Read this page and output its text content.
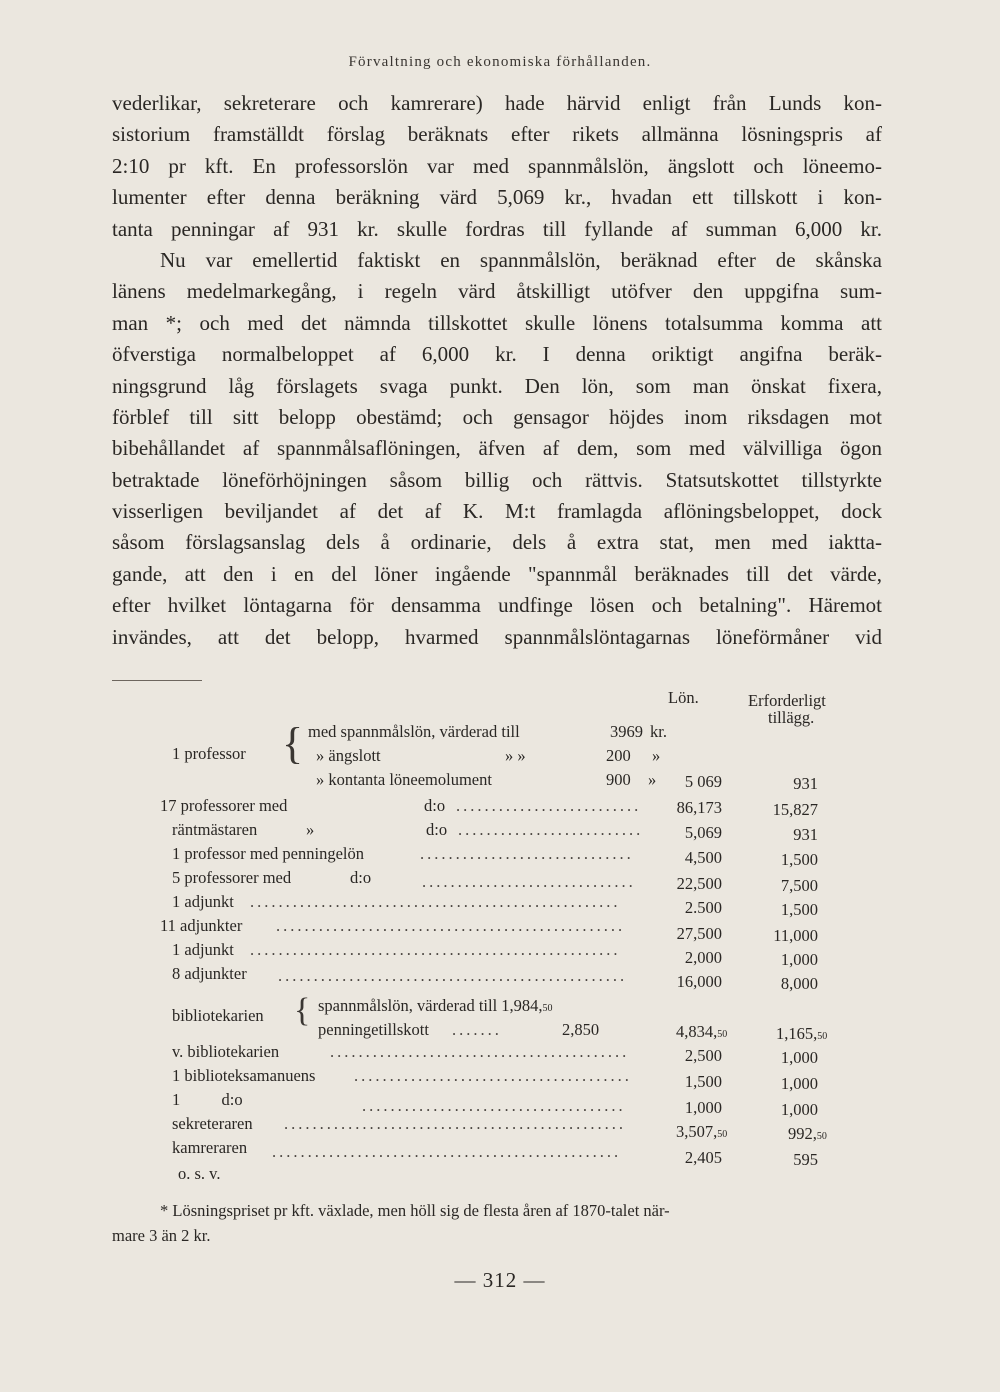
Förvaltning och ekonomiska förhållanden.
vederlikar, sekreterare och kamrerare) hade härvid enligt från Lunds kon-
sistorium framställdt förslag beräknats efter rikets allmänna lösningspris af
2:10 pr kft. En professorslön var med spannmålslön, ängslott och löneemo-
lumenter efter denna beräkning värd 5,069 kr., hvadan ett tillskott i kon-
tanta penningar af 931 kr. skulle fordras till fyllande af summan 6,000 kr.
Nu var emellertid faktiskt en spannmålslön, beräknad efter de skånska
länens medelmarkegång, i regeln värd åtskilligt utöfver den uppgifna sum-
man *; och med det nämnda tillskottet skulle lönens totalsumma komma att
öfverstiga normalbeloppet af 6,000 kr. I denna oriktigt angifna beräk-
ningsgrund låg förslagets svaga punkt. Den lön, som man önskat fixera,
förblef till sitt belopp obestämd; och gensagor höjdes inom riksdagen mot
bibehållandet af spannmålsaflöningen, äfven af dem, som med välvilliga ögon
betraktade löneförhöjningen såsom billig och rättvis. Statsutskottet tillstyrkte
visserligen beviljandet af det af K. M:t framlagda aflöningsbeloppet, dock
såsom förslagsanslag dels å ordinarie, dels å extra stat, men med iaktta-
gande, att den i en del löner ingående "spannmål beräknades till det värde,
efter hvilket löntagarna för densamma undfinge lösen och betalning". Häremot
invändes, att det belopp, hvarmed spannmålslöntagarnas löneförmåner vid
Lön.	Erforderligt
tillägg.
1 professor { med spannmålslön, värderad till	3969 kr.
» ängslott	» »	200 »
» kontanta löneemolument	900 »	5 069	931
17 professorer med	d:o ..........................	86,173	15,827
räntmästaren	»	d:o ..........................	5,069	931
1 professor med penningelön	..............................	4,500	1,500
5 professorer med	d:o	..............................	22,500	7,500
1 adjunkt ....................................................	2.500	1,500
11 adjunkter .................................................	27,500	11,000
1 adjunkt ....................................................	2,000	1,000
8 adjunkter .................................................	16,000	8,000
bibliotekarien { spannmålslön, värderad till 1,984,50
penningetillskott .......	2,850	4,834,50	1,165,50
v. bibliotekarien	..........................................	2,500	1,000
1 biblioteksamanuens .......................................	1,500	1,000
1          d:o	.....................................	1,000	1,000
sekreteraren ................................................	3,507,50	992,50
kamreraren .................................................	2,405	595
o. s. v.
* Lösningspriset pr kft. växlade, men höll sig de flesta åren af 1870-talet när-
mare 3 än 2 kr.
— 312 —
